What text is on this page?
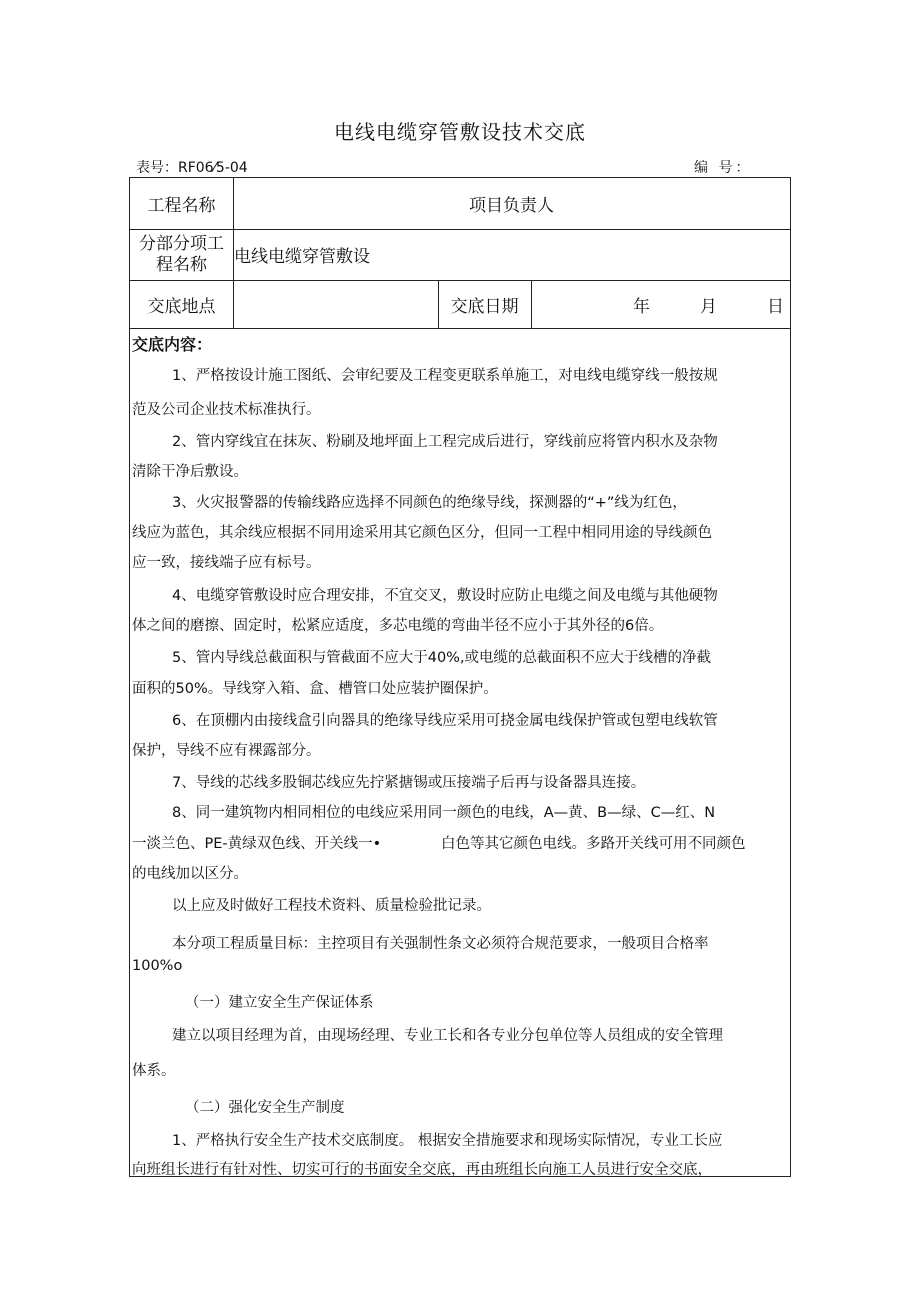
电线电缆穿管敷设技术交底
表号：RF06⁄5-04	编 号：
工程名称	项目负责人
分部分项工
程名称 电线电缆穿管敷设
交底地点	交底日期	年	月	日
交底内容：
1、严格按设计施工图纸、会审纪要及工程变更联系单施工，对电线电缆穿线一般按规
范及公司企业技术标准执行。
2、管内穿线宜在抹灰、粉刷及地坪面上工程完成后进行，穿线前应将管内积水及杂物
清除干净后敷设。
3、火灾报警器的传输线路应选择不同颜色的绝缘导线，探测器的“+”线为红色，
线应为蓝色，其余线应根据不同用途采用其它颜色区分，但同一工程中相同用途的导线颜色
应一致，接线端子应有标号。
4、电缆穿管敷设时应合理安排，不宜交叉，敷设时应防止电缆之间及电缆与其他硬物
体之间的磨擦、固定时，松紧应适度，多芯电缆的弯曲半径不应小于其外径的6倍。
5、管内导线总截面积与管截面不应大于40%,或电缆的总截面积不应大于线槽的净截
面积的50%。导线穿入箱、盒、槽管口处应装护圈保护。
6、在顶棚内由接线盒引向器具的绝缘导线应采用可挠金属电线保护管或包塑电线软管
保护，导线不应有裸露部分。
7、导线的芯线多股铜芯线应先拧紧搪锡或压接端子后再与设备器具连接。
8、同一建筑物内相同相位的电线应采用同一颜色的电线，A—黄、B—绿、C—红、N
一淡兰色、PE-黄绿双色线、开关线一•	白色等其它颜色电线。多路开关线可用不同颜色
的电线加以区分。
以上应及时做好工程技术资料、质量检验批记录。
本分项工程质量目标：主控项目有关强制性条文必须符合规范要求，一般项目合格率
100%o
（一）建立安全生产保证体系
建立以项目经理为首，由现场经理、专业工长和各专业分包单位等人员组成的安全管理
体系。
（二）强化安全生产制度
1、严格执行安全生产技术交底制度。 根据安全措施要求和现场实际情况，专业工长应
向班组长进行有针对性、切实可行的书面安全交底，再由班组长向施工人员进行安全交底，
